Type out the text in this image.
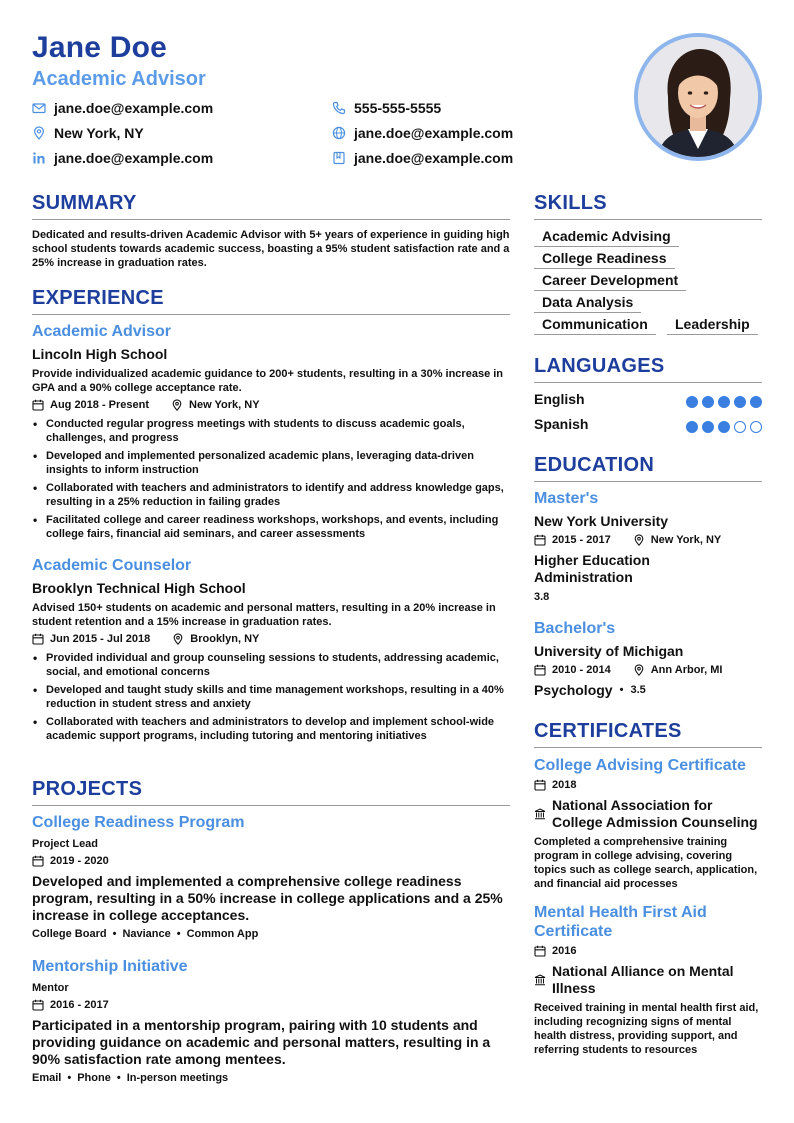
Jane Doe
Academic Advisor
jane.doe@example.com	555-555-5555
New York, NY	jane.doe@example.com
jane.doe@example.com	jane.doe@example.com
SUMMARY
Dedicated and results-driven Academic Advisor with 5+ years of experience in guiding high school students towards academic success, boasting a 95% student satisfaction rate and a 25% increase in graduation rates.
EXPERIENCE
Academic Advisor
Lincoln High School
Provide individualized academic guidance to 200+ students, resulting in a 30% increase in GPA and a 90% college acceptance rate.
Aug 2018 - Present	New York, NY
• Conducted regular progress meetings with students to discuss academic goals, challenges, and progress
• Developed and implemented personalized academic plans, leveraging data-driven insights to inform instruction
• Collaborated with teachers and administrators to identify and address knowledge gaps, resulting in a 25% reduction in failing grades
• Facilitated college and career readiness workshops, workshops, and events, including college fairs, financial aid seminars, and career assessments
Academic Counselor
Brooklyn Technical High School
Advised 150+ students on academic and personal matters, resulting in a 20% increase in student retention and a 15% increase in graduation rates.
Jun 2015 - Jul 2018	Brooklyn, NY
• Provided individual and group counseling sessions to students, addressing academic, social, and emotional concerns
• Developed and taught study skills and time management workshops, resulting in a 40% reduction in student stress and anxiety
• Collaborated with teachers and administrators to develop and implement school-wide academic support programs, including tutoring and mentoring initiatives
PROJECTS
College Readiness Program
Project Lead
2019 - 2020
Developed and implemented a comprehensive college readiness program, resulting in a 50% increase in college applications and a 25% increase in college acceptances.
College Board • Naviance • Common App
Mentorship Initiative
Mentor
2016 - 2017
Participated in a mentorship program, pairing with 10 students and providing guidance on academic and personal matters, resulting in a 90% satisfaction rate among mentees.
Email • Phone • In-person meetings
SKILLS
Academic Advising
College Readiness
Career Development
Data Analysis
Communication	Leadership
LANGUAGES
English
Spanish
EDUCATION
Master's
New York University
2015 - 2017	New York, NY
Higher Education Administration
3.8
Bachelor's
University of Michigan
2010 - 2014	Ann Arbor, MI
Psychology • 3.5
CERTIFICATES
College Advising Certificate
2018
National Association for College Admission Counseling
Completed a comprehensive training program in college advising, covering topics such as college search, application, and financial aid processes
Mental Health First Aid Certificate
2016
National Alliance on Mental Illness
Received training in mental health first aid, including recognizing signs of mental health distress, providing support, and referring students to resources
